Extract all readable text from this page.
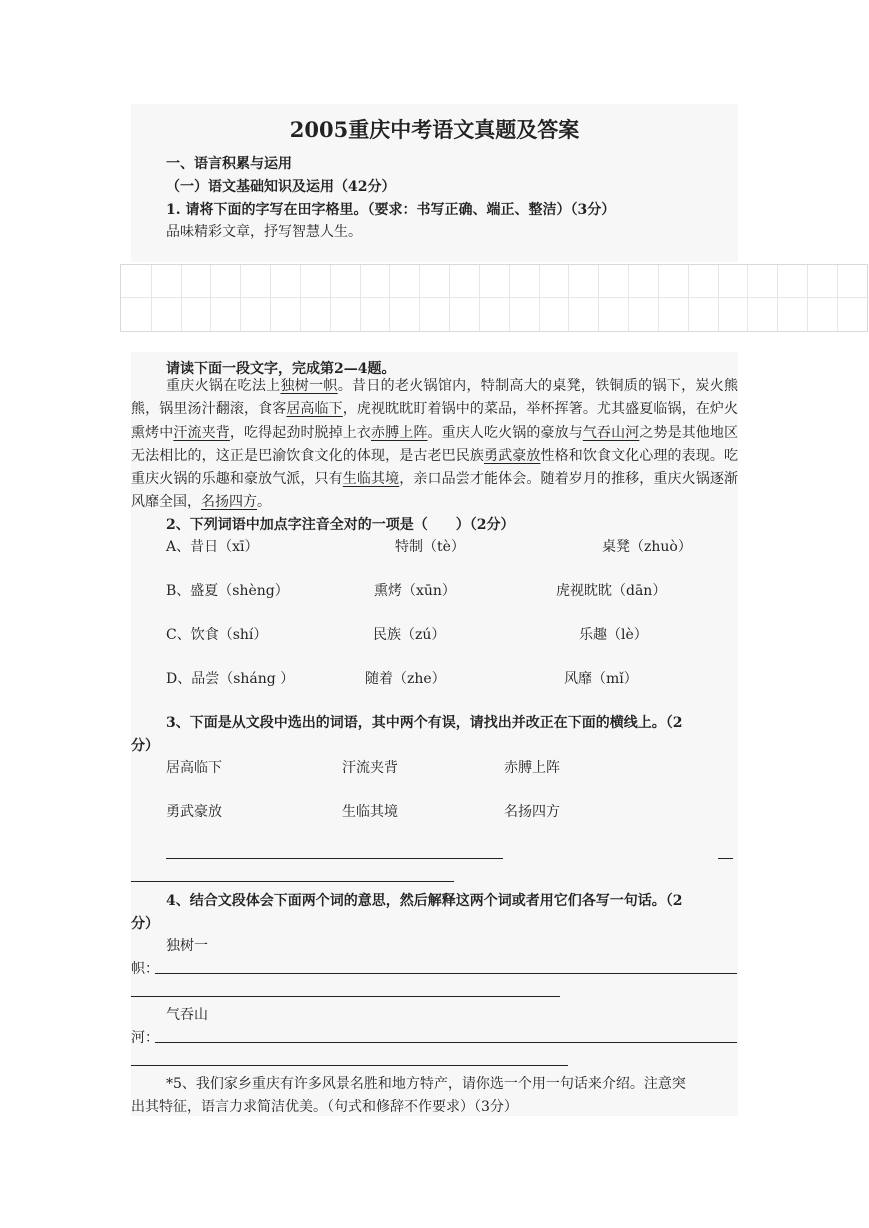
2005重庆中考语文真题及答案
一、语言积累与运用
（一）语文基础知识及运用（42分）
1. 请将下面的字写在田字格里。（要求：书写正确、端正、整洁）（3分）
品味精彩文章，抒写智慧人生。
请读下面一段文字，完成第2—4题。
重庆火锅在吃法上独树一帜。昔日的老火锅馆内，特制高大的桌凳，铁铜质的锅下，炭火熊熊，锅里汤汁翻滚，食客居高临下，虎视眈眈盯着锅中的菜品，举杯挥箸。尤其盛夏临锅，在炉火熏烤中汗流夹背，吃得起劲时脱掉上衣赤膊上阵。重庆人吃火锅的豪放与气吞山河之势是其他地区无法相比的，这正是巴渝饮食文化的体现，是古老巴民族勇武豪放性格和饮食文化心理的表现。吃重庆火锅的乐趣和豪放气派，只有生临其境，亲口品尝才能体会。随着岁月的推移，重庆火锅逐渐风靡全国，名扬四方。
2、下列词语中加点字注音全对的一项是（　　）（2分）
A、昔日（xī）	特制（tè）	桌凳（zhuò）
B、盛夏（shèng）	熏烤（xūn）	虎视眈眈（dān）
C、饮食（shí）	民族（zú）	乐趣（lè）
D、品尝（sháng ）	随着（zhe）	风靡（mǐ）
3、下面是从文段中选出的词语，其中两个有误，请找出并改正在下面的横线上。（2
分）
居高临下	汗流夹背	赤膊上阵
勇武豪放	生临其境	名扬四方
4、结合文段体会下面两个词的意思，然后解释这两个词或者用它们各写一句话。（2
分）
独树一
帜：
气吞山
河：
*5、我们家乡重庆有许多风景名胜和地方特产，请你选一个用一句话来介绍。注意突
出其特征，语言力求简洁优美。（句式和修辞不作要求）（3分）
